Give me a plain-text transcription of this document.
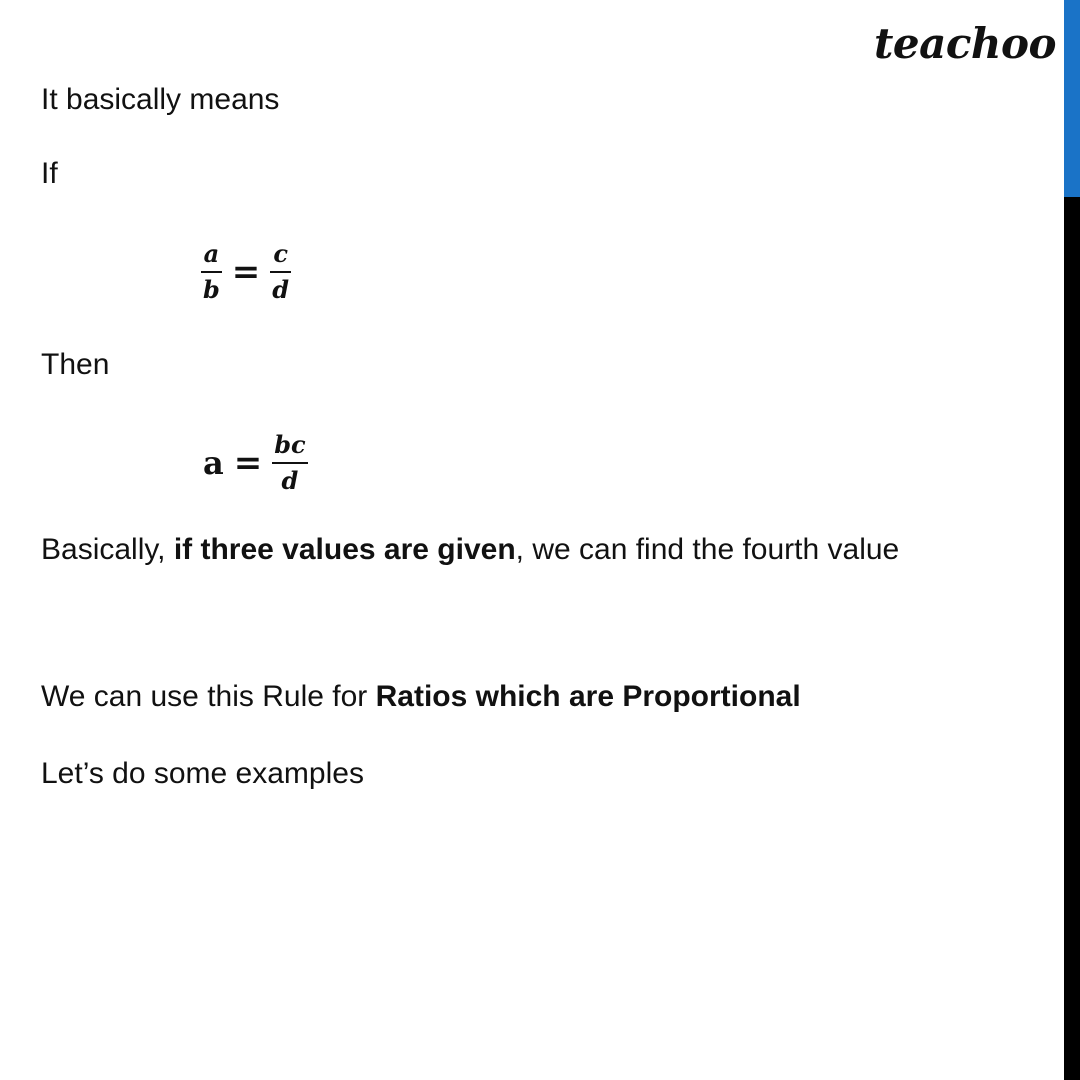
teachoo
It basically means
If
$\frac{a}{b} = \frac{c}{d}$
Then
$a = \frac{bc}{d}$
Basically, if three values are given, we can find the fourth value
We can use this Rule for Ratios which are Proportional
Let’s do some examples
